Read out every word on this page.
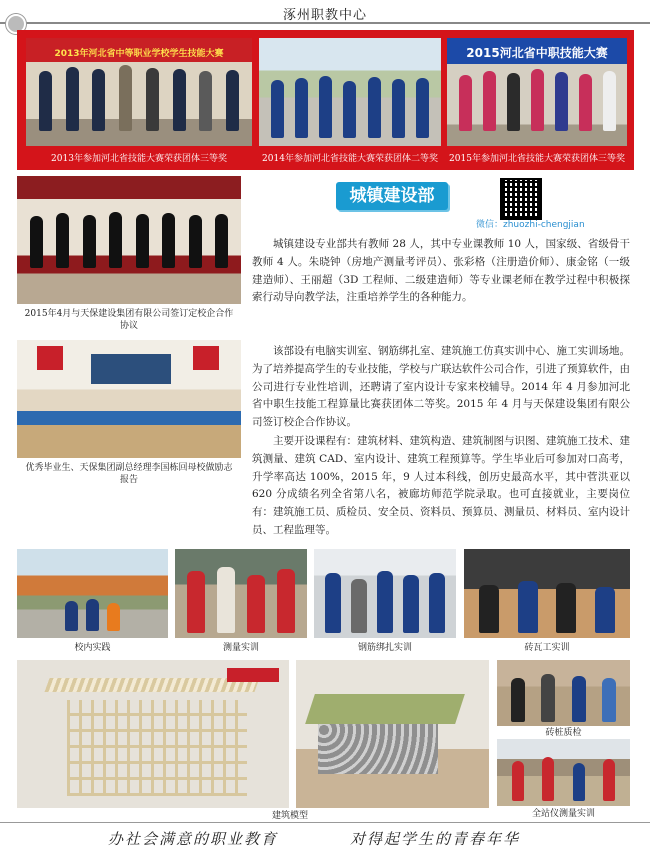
涿州职教中心
2013年河北省中等职业学校学生技能大赛
2013年参加河北省技能大赛荣获团体三等奖	2014年参加河北省技能大赛荣获团体二等奖
2015河北省中职技能大赛
2015年参加河北省技能大赛荣获团体三等奖
2015年4月与天保建设集团有限公司签订定校企合作协议
优秀毕业生、天保集团副总经理李国栋回母校做励志报告
城镇建设部
微信：zhuozhi-chengjian
城镇建设专业部共有教师 28 人，其中专业课教师 10 人，国家级、省级骨干教师 4 人。朱晓钟（房地产测量考评员）、张彩格（注册造价师）、康金铭（一级建造师）、王丽超（3D 工程师、二级建造师）等专业课老师在教学过程中积极探索行动导向教学法，注重培养学生的各种能力。
该部设有电脑实训室、钢筋绑扎室、建筑施工仿真实训中心、施工实训场地。为了培养提高学生的专业技能，学校与广联达软件公司合作，引进了预算软件，由公司进行专业性培训，还聘请了室内设计专家来校辅导。2014 年 4 月参加河北省中职生技能工程算量比赛获团体二等奖。2015 年 4 月与天保建设集团有限公司签订校企合作协议。
主要开设课程有：建筑材料、建筑构造、建筑制图与识图、建筑施工技术、建筑测量、建筑 CAD、室内设计、建筑工程预算等。学生毕业后可参加对口高考，升学率高达 100%，2015 年，9 人过本科线，创历史最高水平，其中菅洪亚以 620 分成绩名列全省第八名，被廊坊师范学院录取。也可直接就业，主要岗位有：建筑施工员、质检员、安全员、资料员、预算员、测量员、材料员、室内设计员、工程监理等。
校内实践	测量实训	钢筋绑扎实训	砖瓦工实训
建筑模型
砖桩质检
全站仪测量实训
办社会满意的职业教育	对得起学生的青春年华
